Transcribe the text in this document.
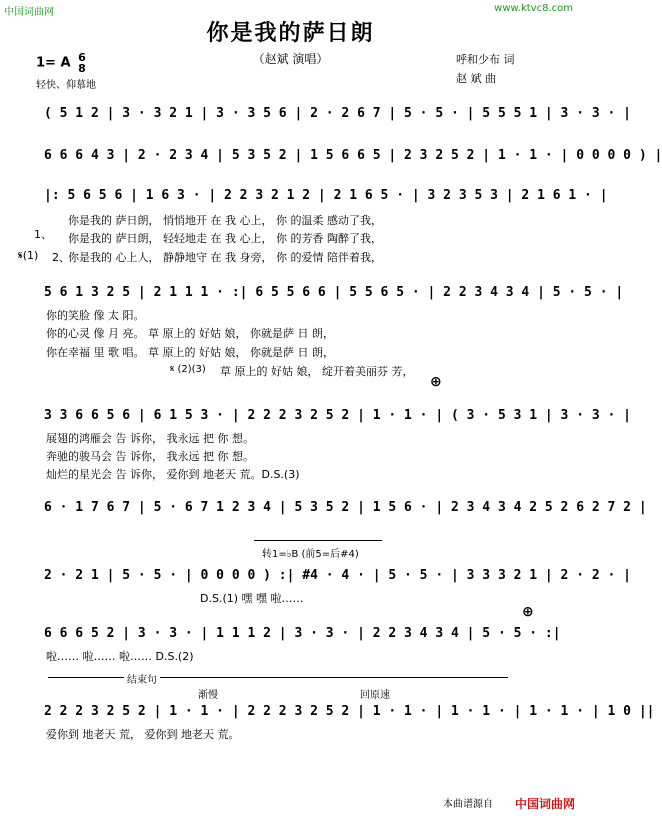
中国词曲网	www.ktvc8.com
你是我的萨日朗
（赵斌 演唱）
1= A 6
8
轻快、仰慕地
呼和少布 词
赵 斌 曲
( 5 1 2 | 3 · 3 2 1 | 3 · 3 5 6 | 2 · 2 6 7 | 5 · 5 · | 5 5 5 1 | 3 · 3 · |
6 6 6 4 3 | 2 · 2 3 4 | 5 3 5 2 | 1 5 6 6 5 | 2 3 2 5 2 | 1 · 1 · | 0 0 0 0 ) |
|: 5 6 5 6 | 1 6 3 · | 2 2 3 2 1 2 | 2 1 6 5 · | 3 2 3 5 3 | 2 1 6 1 · |
1、
你是我的 萨日朗， 悄悄地开 在 我 心上， 你 的温柔 感动了我，
你是我的 萨日朗， 轻轻地走 在 我 心上， 你 的芳香 陶醉了我，
𝄋(1) 2、
你是我的 心上人， 静静地守 在 我 身旁， 你 的爱情 陪伴着我，
5 6 1 3 2 5 | 2 1 1 1 · :| 6 5 5 6 6 | 5 5 6 5 · | 2 2 3 4 3 4 | 5 · 5 · |
你的笑脸 像 太 阳。
你的心灵 像 月 亮。 草 原上的 好姑 娘， 你就是萨 日 朗，
你在幸福 里 歌 唱。 草 原上的 好姑 娘， 你就是萨 日 朗，
𝄋 (2)(3) 草 原上的 好姑 娘， 绽开着美丽芬 芳，
⊕
3 3 6 6 5 6 | 6 1 5 3 · | 2 2 2 3 2 5 2 | 1 · 1 · | ( 3 · 5 3 1 | 3 · 3 · |
展翅的鸿雁会 告 诉你， 我永远 把 你 想。
奔驰的骏马会 告 诉你， 我永远 把 你 想。
灿烂的星光会 告 诉你， 爱你到 地老天 荒。D.S.(3)
6 · 1 7 6 7 | 5 · 6 7 1 2 3 4 | 5 3 5 2 | 1 5 6 · | 2 3 4 3 4 2 5 2 6 2 7 2 |
转1=♭B (前5=后#4)
2 · 2 1 | 5 · 5 · | 0 0 0 0 ) :| #4 · 4 · | 5 · 5 · | 3 3 3 2 1 | 2 · 2 · |
D.S.(1) 嘿 嘿 啦……
⊕
6 6 6 5 2 | 3 · 3 · | 1 1 1 2 | 3 · 3 · | 2 2 3 4 3 4 | 5 · 5 · :|
啦…… 啦…… 啦…… D.S.(2)
结束句
渐慢	回原速
2 2 2 3 2 5 2 | 1 · 1 · | 2 2 2 3 2 5 2 | 1 · 1 · | 1 · 1 · | 1 · 1 · | 1 0 ||
爱你到 地老天 荒， 爱你到 地老天 荒。
本曲谱源自 中国词曲网
